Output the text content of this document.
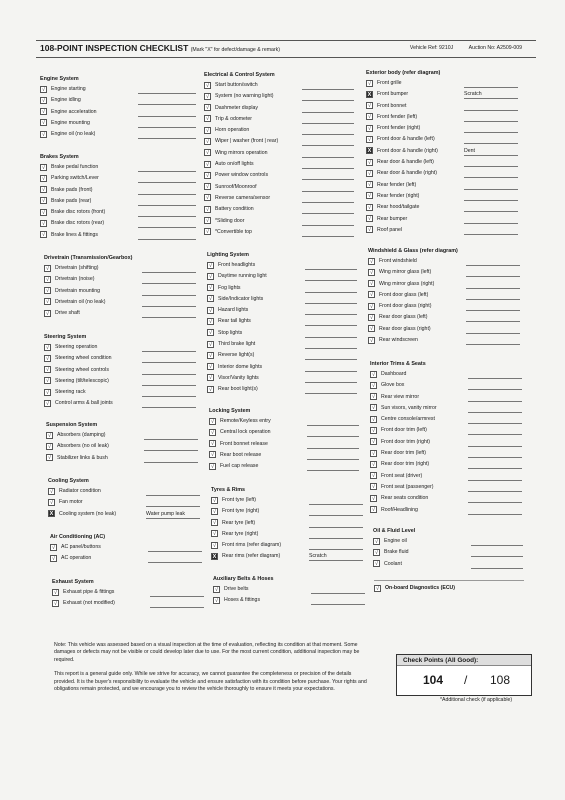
108-POINT INSPECTION CHECKLIST (Mark "X" for defect/damage & remark)	Vehicle Ref: 9210J	Auction No: A2509-009
Engine System
√	Engine starting
√	Engine idling
√	Engine acceleration
√	Engine mounting
√	Engine oil (no leak)
Brakes System
√	Brake pedal function
√	Parking switch/Lever
√	Brake pads (front)
√	Brake pads (rear)
√	Brake disc rotors (front)
√	Brake disc rotors (rear)
√	Brake lines & fittings
Drivetrain (Transmission/Gearbox)
√	Drivetrain (shifting)
√	Drivetrain (noise)
√	Drivetrain mounting
√	Drivetrain oil (no leak)
√	Drive shaft
Steering System
√	Steering operation
√	Steering wheel condition
√	Steering wheel controls
√	Steering (tilt/telescopic)
√	Steering rack
√	Control arms & ball joints
Suspension System
√	Absorbers (damping)
√	Absorbers (no oil leak)
√	Stabilizer links & bush
Cooling System
√	Radiator condition
√	Fan motor
X	Cooling system (no leak)	Water pump leak
Air Conditioning (AC)
√	AC panel/buttons
√	AC operation
Exhaust System
√	Exhaust pipe & fittings
√	Exhaust (not modified)
Electrical & Control System
√	Start button/switch
√	System (no warning light)
√	Dashmeter display
√	Trip & odometer
√	Horn operation
√	Wiper | washer (front | rear)
√	Wing mirrors operation
√	Auto on/off lights
√	Power window controls
√	Sunroof/Moonroof
√	Reverse camera/sensor
√	Battery condition
√	*Sliding door
√	*Convertible top
Lighting System
√	Front headlights
√	Daytime running light
√	Fog lights
√	Side/Indicator lights
√	Hazard lights
√	Rear tail lights
√	Stop lights
√	Third brake light
√	Reverse light(s)
√	Interior dome lights
√	Visor/Vanity lights
√	Rear boot light(s)
Locking System
√	Remote/Keyless entry
√	Central lock operation
√	Front bonnet release
√	Rear boot release
√	Fuel cap release
Tyres & Rims
√	Front tyre (left)
√	Front tyre (right)
√	Rear tyre (left)
√	Rear tyre (right)
√	Front rims (refer diagram)
X	Rear rims (refer diagram)	Scratch
Auxiliary Belts & Hoses
√	Drive belts
√	Hoses & fittings
Exterior body (refer diagram)
√	Front grille
X	Front bumper	Scratch
√	Front bonnet
√	Front fender (left)
√	Front fender (right)
√	Front door & handle (left)
X	Front door & handle (right)	Dent
√	Rear door & handle (left)
√	Rear door & handle (right)
√	Rear fender (left)
√	Rear fender (right)
√	Rear hood/tailgate
√	Rear bumper
√	Roof panel
Windshield & Glass (refer diagram)
√	Front windshield
√	Wing mirror glass (left)
√	Wing mirror glass (right)
√	Front door glass (left)
√	Front door glass (right)
√	Rear door glass (left)
√	Rear door glass (right)
√	Rear windscreen
Interior Trims & Seats
√	Dashboard
√	Glove box
√	Rear view mirror
√	Sun visors, vanity mirror
√	Centre console/armrest
√	Front door trim (left)
√	Front door trim (right)
√	Rear door trim (left)
√	Rear door trim (right)
√	Front seat (driver)
√	Front seat (passenger)
√	Rear seats condition
√	Roof/Headlining
Oil & Fluid Level
√	Engine oil
√	Brake fluid
√	Coolant
√	On-board Diagnostics (ECU)

Note: This vehicle was assessed based on a visual inspection at the time of evaluation, reflecting its condition at that moment. Some damages or defects may not be visible or could develop later due to use. For the most current condition, additional inspection may be required.

This report is a general guide only. While we strive for accuracy, we cannot guarantee the completeness or precision of the details provided. It is the buyer's responsibility to evaluate the vehicle and ensure satisfaction with its condition before purchase. Your rights and obligations remain protected, and we encourage you to review the vehicle thoroughly to ensure it meets your expectations.

Check Points (All Good):
104 / 108
*Additional check (if applicable)
